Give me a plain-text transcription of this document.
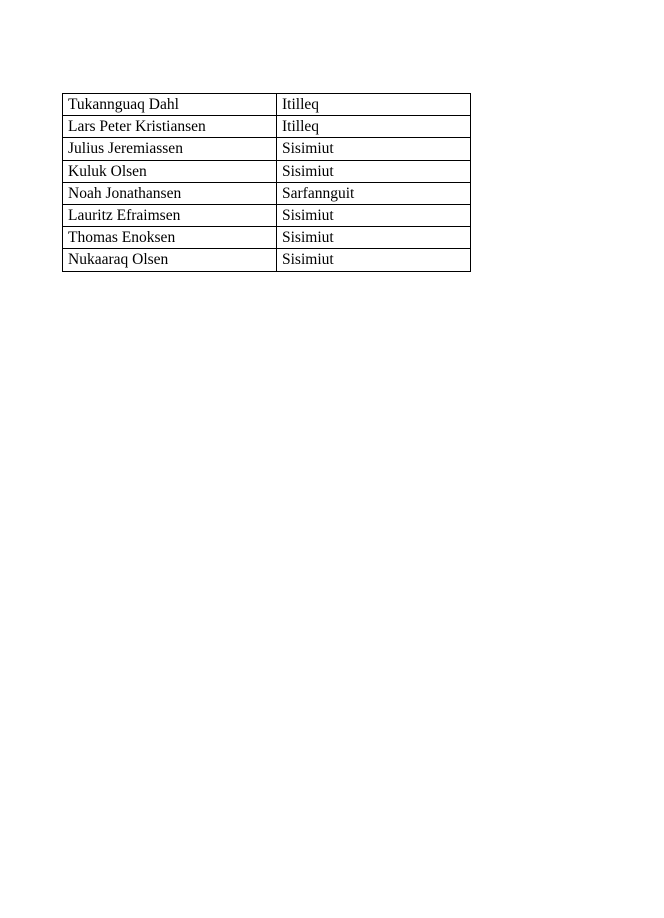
Tukannguaq Dahl	Itilleq
Lars Peter Kristiansen	Itilleq
Julius Jeremiassen	Sisimiut
Kuluk Olsen	Sisimiut
Noah Jonathansen	Sarfannguit
Lauritz Efraimsen	Sisimiut
Thomas Enoksen	Sisimiut
Nukaaraq Olsen	Sisimiut
